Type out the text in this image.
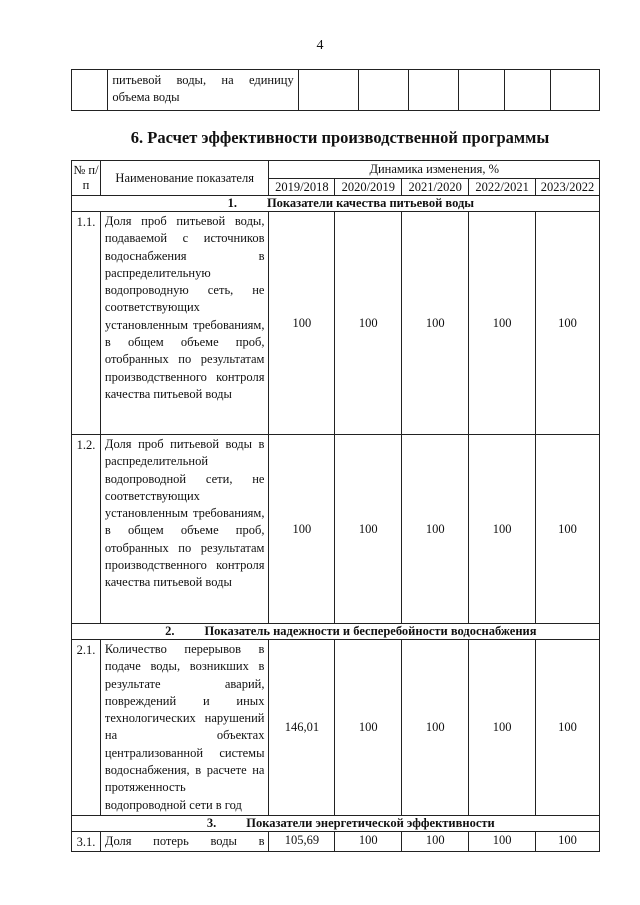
4

питьевой воды, на единицу объема воды

6. Расчет эффективности производственной программы
№ п/п	Наименование показателя	Динамика изменения, %				
		2019/2018	2020/2019	2021/2020	2022/2021	2023/2022
1. Показатели качества питьевой воды						
1.1.	Доля проб питьевой воды, подаваемой с источников водоснабжения в распределительную водопроводную сеть, не соответствующих установленным требованиям, в общем объеме проб, отобранных по результатам производственного контроля качества питьевой воды	100	100	100	100	100
1.2.	Доля проб питьевой воды в распределительной водопроводной сети, не соответствующих установленным требованиям, в общем объеме проб, отобранных по результатам производственного контроля качества питьевой воды	100	100	100	100	100
2. Показатель надежности и бесперебойности водоснабжения						
2.1.	Количество перерывов в подаче воды, возникших в результате аварий, повреждений и иных технологических нарушений на объектах централизованной системы водоснабжения, в расчете на протяженность водопроводной сети в год	146,01	100	100	100	100
3. Показатели энергетической эффективности						
3.1.	Доля потерь воды в	105,69	100	100	100	100
